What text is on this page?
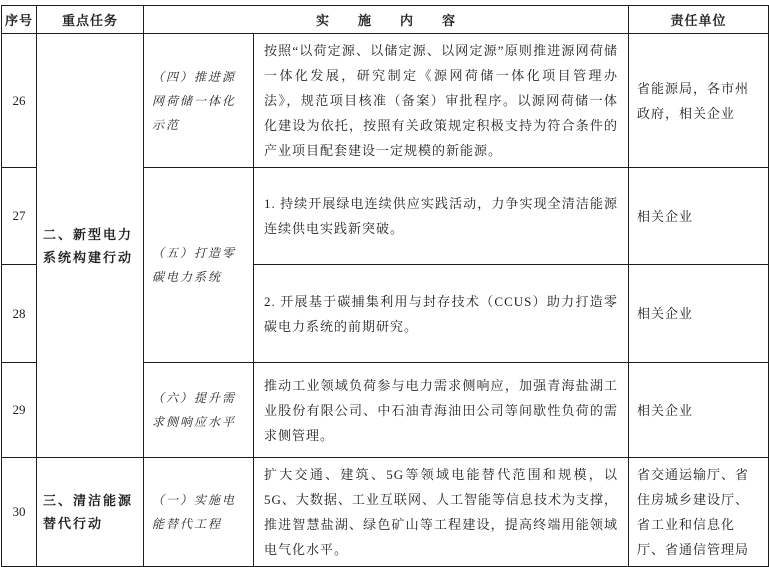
序号	重点任务	实　　施　　内　　容		责任单位
26	二、新型电力系统构建行动	（四）推进源网荷储一体化示范	按照“以荷定源、以储定源、以网定源”原则推进源网荷储一体化发展，研究制定《源网荷储一体化项目管理办法》，规范项目核准（备案）审批程序。以源网荷储一体化建设为依托，按照有关政策规定积极支持为符合条件的产业项目配套建设一定规模的新能源。	省能源局，各市州政府，相关企业
27		（五）打造零碳电力系统	1. 持续开展绿电连续供应实践活动，力争实现全清洁能源连续供电实践新突破。	相关企业
28			2. 开展基于碳捕集利用与封存技术（CCUS）助力打造零碳电力系统的前期研究。	相关企业
29		（六）提升需求侧响应水平	推动工业领域负荷参与电力需求侧响应，加强青海盐湖工业股份有限公司、中石油青海油田公司等间歇性负荷的需求侧管理。	相关企业
30	三、清洁能源替代行动	（一）实施电能替代工程	扩大交通、建筑、5G等领域电能替代范围和规模，以5G、大数据、工业互联网、人工智能等信息技术为支撑，推进智慧盐湖、绿色矿山等工程建设，提高终端用能领域电气化水平。	省交通运输厅、省住房城乡建设厅、省工业和信息化厅、省通信管理局
